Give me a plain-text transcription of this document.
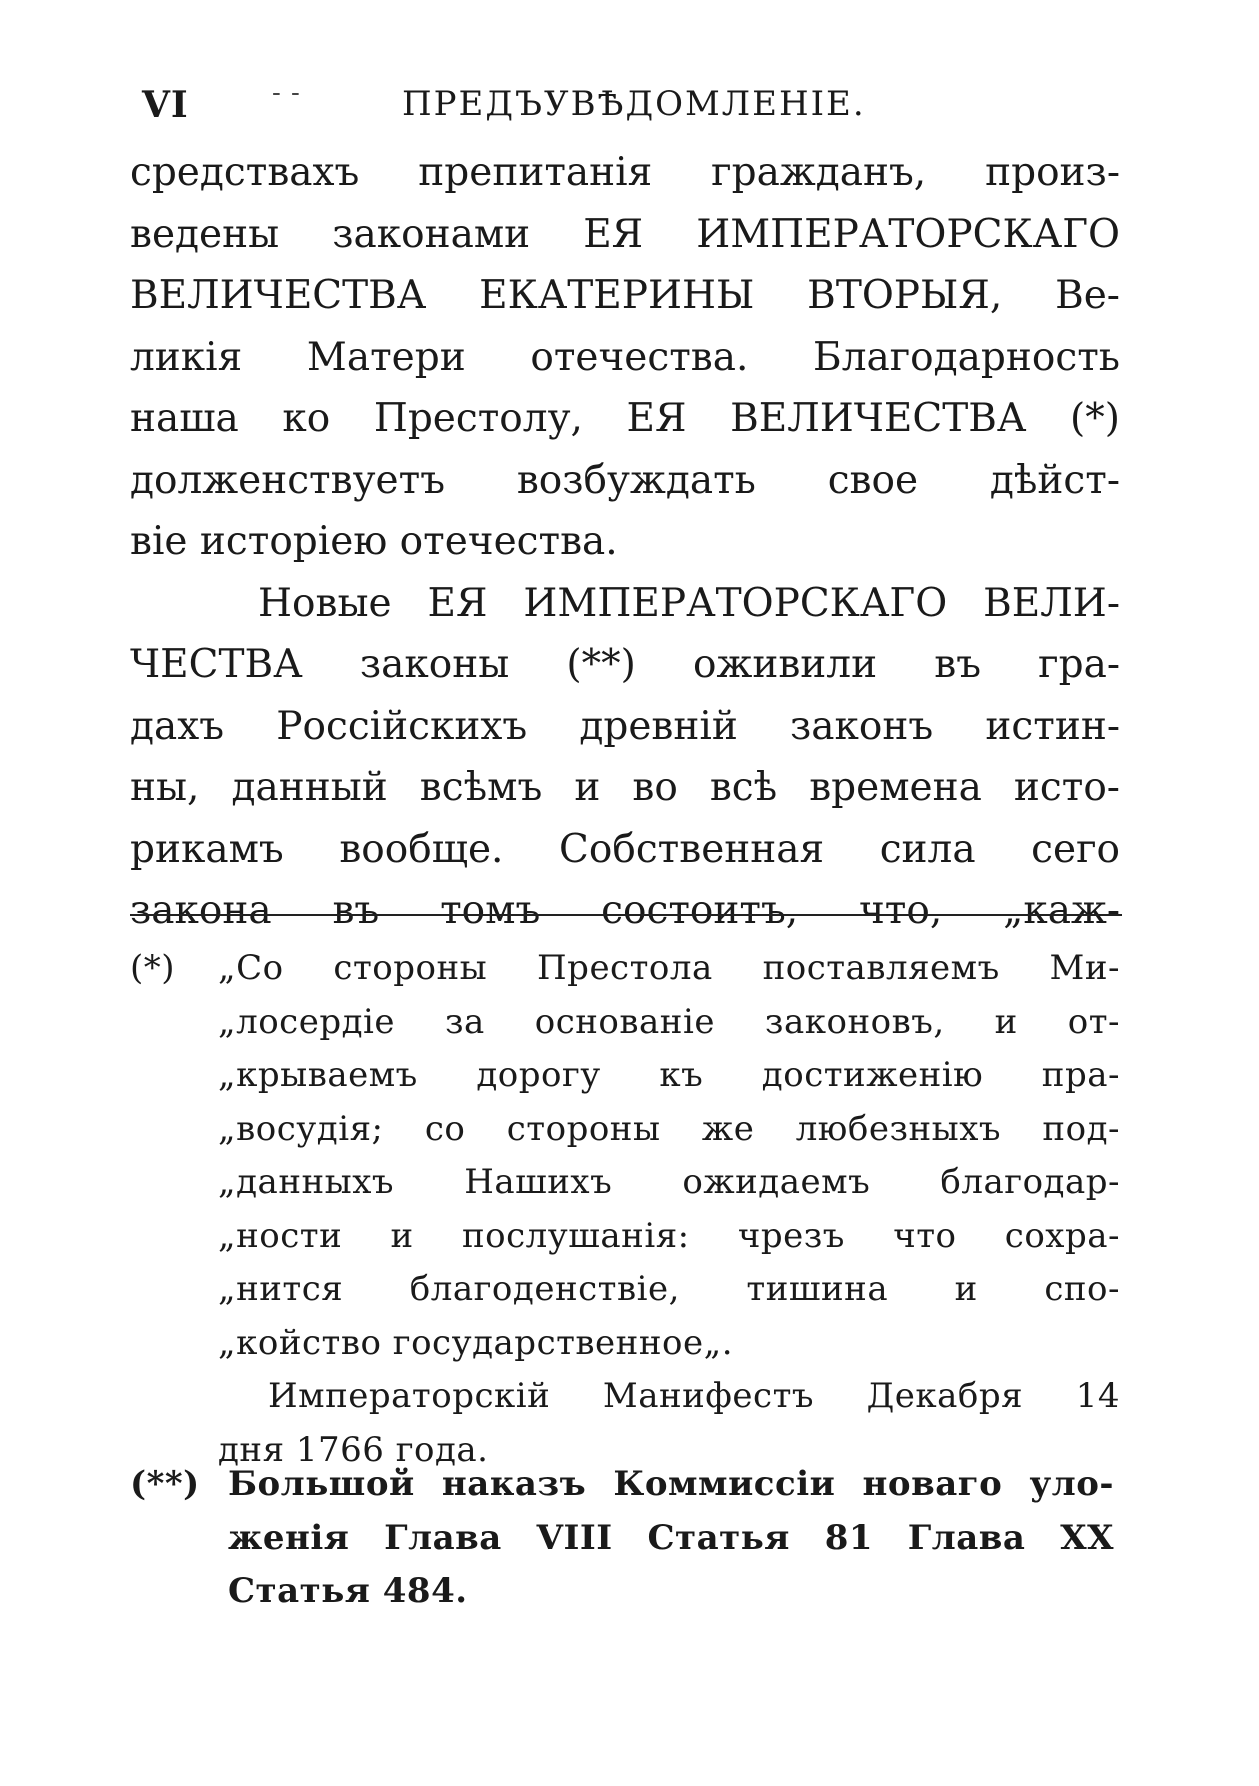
VI	- -	ПРЕДЪУВѢДОМЛЕНІЕ.
средствахъ препитанія гражданъ, произ-
ведены законами ЕЯ ИМПЕРАТОРСКАГО
ВЕЛИЧЕСТВА ЕКАТЕРИНЫ ВТОРЫЯ, Ве-
ликія Матери отечества. Благодарность
наша ко Престолу, ЕЯ ВЕЛИЧЕСТВА (*)
долженствуетъ возбуждать свое дѣйст-
віе исторіею отечества.
Новые ЕЯ ИМПЕРАТОРСКАГО ВЕЛИ-
ЧЕСТВА законы (**) оживили въ гра-
дахъ Россійскихъ древній законъ истин-
ны, данный всѣмъ и во всѣ времена исто-
рикамъ вообще. Собственная сила сего
закона въ томъ состоитъ, что, „каж-
(*) „Со стороны Престола поставляемъ Ми-
„лосердіе за основаніе законовъ, и от-
„крываемъ дорогу къ достиженію пра-
„восудія; со стороны же любезныхъ под-
„данныхъ Нашихъ ожидаемъ благодар-
„ности и послушанія: чрезъ что сохра-
„нится благоденствіе, тишина и спо-
„койство государственное„.
Императорскій Манифестъ Декабря 14
дня 1766 года.
(**) Большой наказъ Коммиссіи новаго уло-
женія Глава VIII Статья 81 Глава XX
Статья 484.
